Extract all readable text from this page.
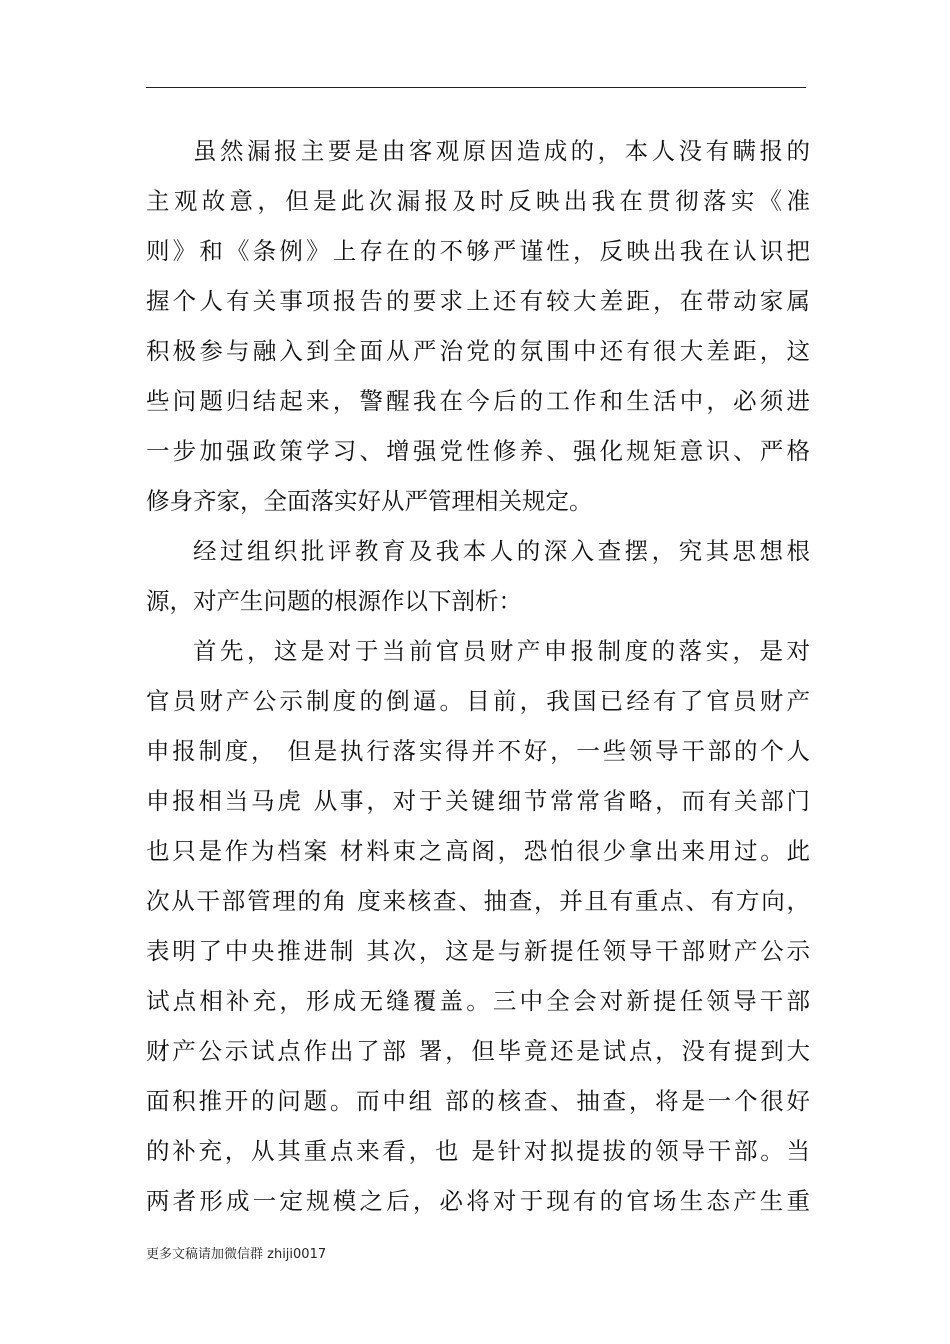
虽然漏报主要是由客观原因造成的，本人没有瞒报的
主观故意，但是此次漏报及时反映出我在贯彻落实《准
则》和《条例》上存在的不够严谨性，反映出我在认识把
握个人有关事项报告的要求上还有较大差距，在带动家属
积极参与融入到全面从严治党的氛围中还有很大差距，这
些问题归结起来，警醒我在今后的工作和生活中，必须进
一步加强政策学习、增强党性修养、强化规矩意识、严格
修身齐家，全面落实好从严管理相关规定。
经过组织批评教育及我本人的深入查摆，究其思想根
源，对产生问题的根源作以下剖析：
首先，这是对于当前官员财产申报制度的落实，是对
官员财产公示制度的倒逼。目前，我国已经有了官员财产
申报制度， 但是执行落实得并不好，一些领导干部的个人
申报相当马虎 从事，对于关键细节常常省略，而有关部门
也只是作为档案 材料束之高阁，恐怕很少拿出来用过。此
次从干部管理的角 度来核查、抽查，并且有重点、有方向，
表明了中央推进制 其次，这是与新提任领导干部财产公示
试点相补充，形成无缝覆盖。三中全会对新提任领导干部
财产公示试点作出了部 署，但毕竟还是试点，没有提到大
面积推开的问题。而中组 部的核查、抽查，将是一个很好
的补充，从其重点来看，也 是针对拟提拔的领导干部。当
两者形成一定规模之后，必将对于现有的官场生态产生重
更多文稿请加微信群 zhiji0017
